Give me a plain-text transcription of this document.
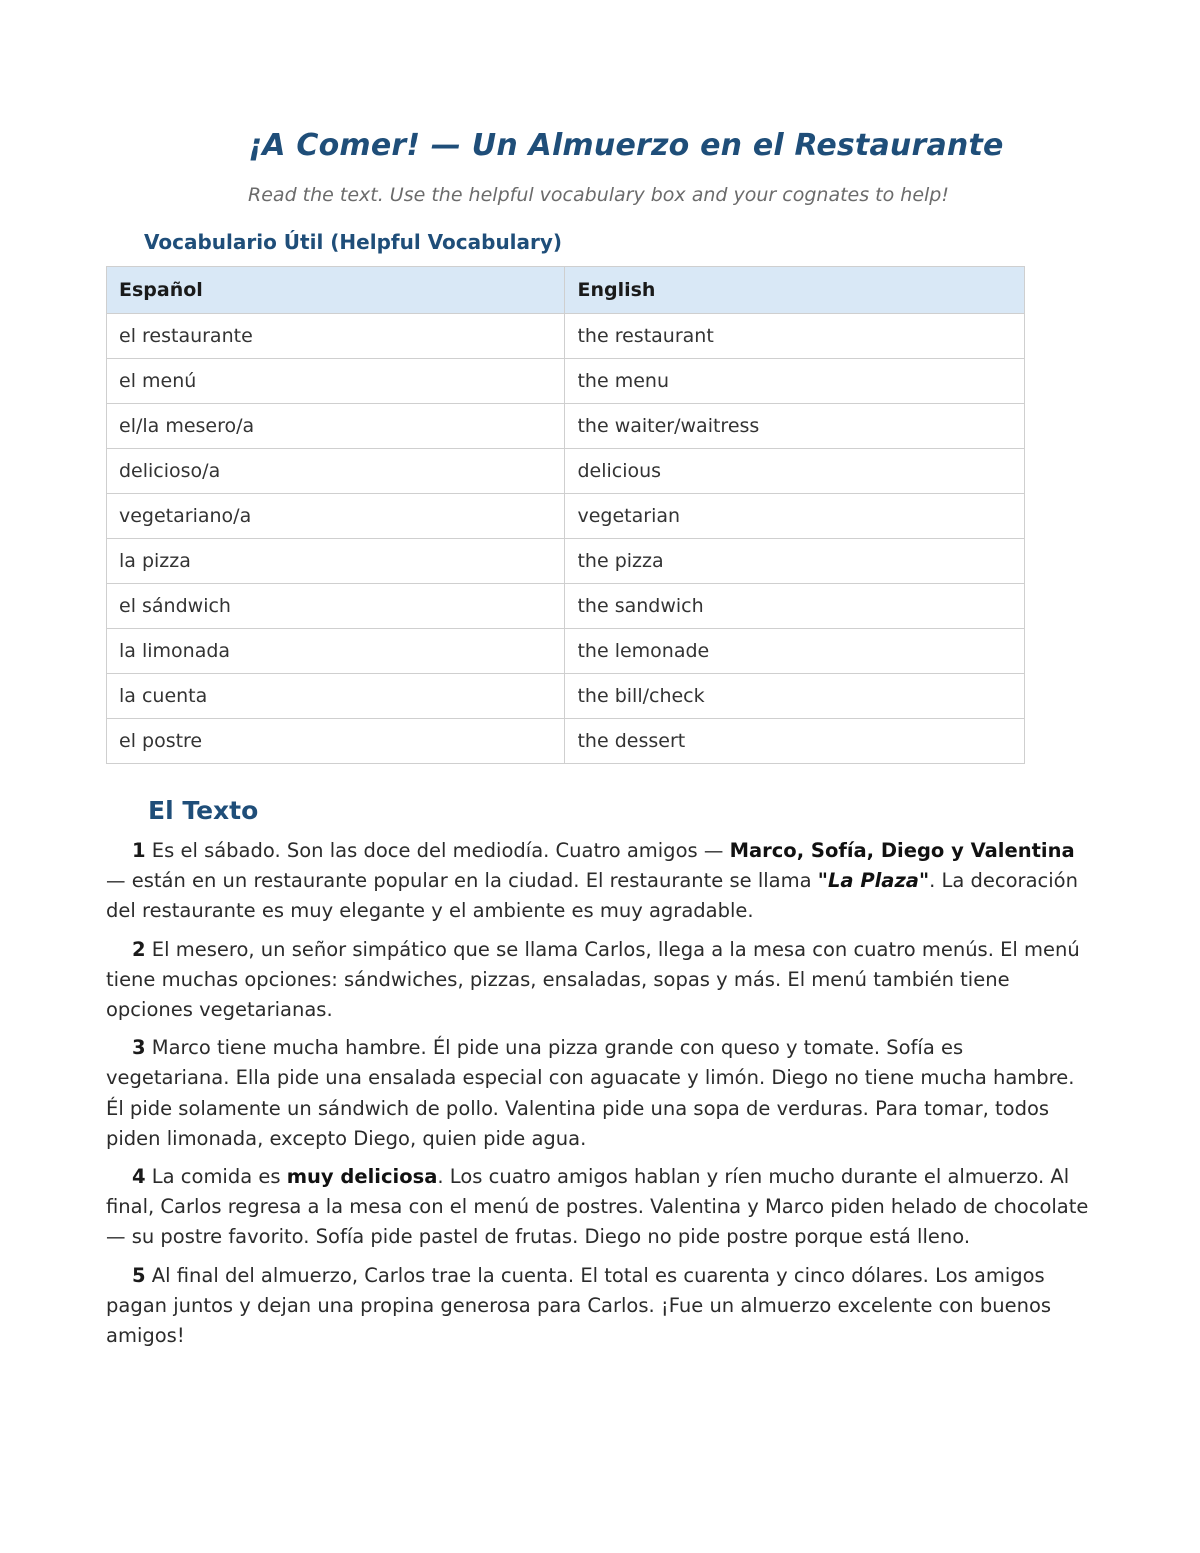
¡A Comer! — Un Almuerzo en el Restaurante
Read the text. Use the helpful vocabulary box and your cognates to help!
Vocabulario Útil (Helpful Vocabulary)
Español	English
el restaurante	the restaurant
el menú	the menu
el/la mesero/a	the waiter/waitress
delicioso/a	delicious
vegetariano/a	vegetarian
la pizza	the pizza
el sándwich	the sandwich
la limonada	the lemonade
la cuenta	the bill/check
el postre	the dessert
El Texto

1 Es el sábado. Son las doce del mediodía. Cuatro amigos — Marco, Sofía, Diego y Valentina — están en un restaurante popular en la ciudad. El restaurante se llama "La Plaza". La decoración del restaurante es muy elegante y el ambiente es muy agradable.

2 El mesero, un señor simpático que se llama Carlos, llega a la mesa con cuatro menús. El menú tiene muchas opciones: sándwiches, pizzas, ensaladas, sopas y más. El menú también tiene opciones vegetarianas.

3 Marco tiene mucha hambre. Él pide una pizza grande con queso y tomate. Sofía es vegetariana. Ella pide una ensalada especial con aguacate y limón. Diego no tiene mucha hambre. Él pide solamente un sándwich de pollo. Valentina pide una sopa de verduras. Para tomar, todos piden limonada, excepto Diego, quien pide agua.

4 La comida es muy deliciosa. Los cuatro amigos hablan y ríen mucho durante el almuerzo. Al final, Carlos regresa a la mesa con el menú de postres. Valentina y Marco piden helado de chocolate — su postre favorito. Sofía pide pastel de frutas. Diego no pide postre porque está lleno.

5 Al final del almuerzo, Carlos trae la cuenta. El total es cuarenta y cinco dólares. Los amigos pagan juntos y dejan una propina generosa para Carlos. ¡Fue un almuerzo excelente con buenos amigos!
